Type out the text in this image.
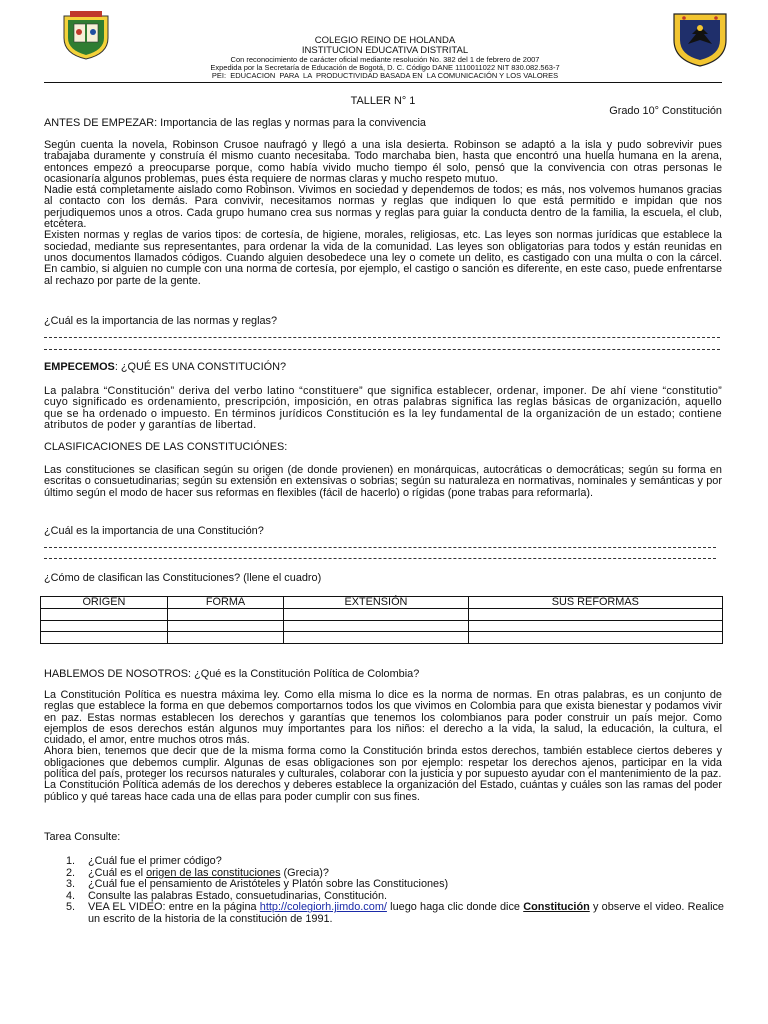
COLEGIO REINO DE HOLANDA
INSTITUCION EDUCATIVA DISTRITAL
Con reconocimiento de carácter oficial mediante resolución No. 382 del 1 de febrero de 2007
Expedida por la Secretaría de Educación de Bogotá, D. C. Código DANE 1110011022 NIT 830.082.563-7
PEI:  EDUCACION  PARA  LA  PRODUCTIVIDAD BASADA EN  LA COMUNICACIÓN Y LOS VALORES
TALLER N° 1
Grado 10° Constitución
ANTES DE EMPEZAR: Importancia de las reglas y normas para la convivencia
Según cuenta la novela, Robinson Crusoe naufragó y llegó a una isla desierta. Robinson se adaptó a la isla y pudo sobrevivir pues trabajaba duramente y construía él mismo cuanto necesitaba. Todo marchaba bien, hasta que encontró una huella humana en la arena, entonces empezó a preocuparse porque, como había vivido mucho tiempo él solo, pensó que la convivencia con otras personas le ocasionaría algunos problemas, pues ésta requiere de normas claras y mucho respeto mutuo.
Nadie está completamente aislado como Robinson. Vivimos en sociedad y dependemos de todos; es más, nos volvemos humanos gracias al contacto con los demás. Para convivir, necesitamos normas y reglas que indiquen lo que está permitido e impidan que nos perjudiquemos unos a otros. Cada grupo humano crea sus normas y reglas para guiar la conducta dentro de la familia, la escuela, el club, etcétera.
Existen normas y reglas de varios tipos: de cortesía, de higiene, morales, religiosas, etc. Las leyes son normas jurídicas que establece la sociedad, mediante sus representantes, para ordenar la vida de la comunidad. Las leyes son obligatorias para todos y están reunidas en unos documentos llamados códigos. Cuando alguien desobedece una ley o comete un delito, es castigado con una multa o con la cárcel. En cambio, si alguien no cumple con una norma de cortesía, por ejemplo, el castigo o sanción es diferente, en este caso, puede enfrentarse al rechazo por parte de la gente.
¿Cuál es la importancia de las normas y reglas?
EMPECEMOS: ¿QUÉ ES UNA CONSTITUCIÓN?
La palabra “Constitución” deriva del verbo latino “constituere” que significa establecer, ordenar, imponer. De ahí viene “constitutio” cuyo significado es ordenamiento, prescripción, imposición, en otras palabras significa las reglas básicas de organización, aquello que se ha ordenado o impuesto. En términos jurídicos Constitución es la ley fundamental de la organización de un estado; contiene atributos de poder y garantías de libertad.
CLASIFICACIONES DE LAS CONSTITUCIÓNES:
Las constituciones se clasifican según su origen (de donde provienen) en monárquicas, autocráticas o democráticas; según su forma en escritas o consuetudinarias; según su extensión en extensivas o sobrias; según su naturaleza en normativas, nominales y semánticas y por último según el modo de hacer sus reformas en flexibles (fácil de hacerlo) o rígidas (pone trabas para reformarla).
¿Cuál es la importancia de una Constitución?
¿Cómo de clasifican las Constituciones? (llene el cuadro)
ORIGEN	FORMA	EXTENSIÓN	SUS REFORMAS

HABLEMOS DE NOSOTROS: ¿Qué es la Constitución Política de Colombia?
La Constitución Política es nuestra máxima ley. Como ella misma lo dice es la norma de normas. En otras palabras, es un conjunto de reglas que establece la forma en que debemos comportarnos todos los que vivimos en Colombia para que exista bienestar y podamos vivir en paz. Estas normas establecen los derechos y garantías que tenemos los colombianos para poder construir un país mejor. Como ejemplos de esos derechos están algunos muy importantes para los niños: el derecho a la vida, la salud, la educación, la cultura, el cuidado, el amor, entre muchos otros más.
Ahora bien, tenemos que decir que de la misma forma como la Constitución brinda estos derechos, también establece ciertos deberes y obligaciones que debemos cumplir. Algunas de esas obligaciones son por ejemplo: respetar los derechos ajenos, participar en la vida política del país, proteger los recursos naturales y culturales, colaborar con la justicia y por supuesto ayudar con el mantenimiento de la paz.
La Constitución Política además de los derechos y deberes establece la organización del Estado, cuántas y cuáles son las ramas del poder público y qué tareas hace cada una de ellas para poder cumplir con sus fines.
Tarea Consulte:
1. ¿Cuál fue el primer código?
2. ¿Cuál es el origen de las constituciones (Grecia)?
3. ¿Cuál fue el pensamiento de Aristóteles y Platón sobre las Constituciones)
4. Consulte las palabras Estado, consuetudinarias, Constitución.
5. VEA EL VIDEO: entre en la página http://colegiorh.jimdo.com/ luego haga clic donde dice Constitución y observe el video. Realice un escrito de la historia de la constitución de 1991.
